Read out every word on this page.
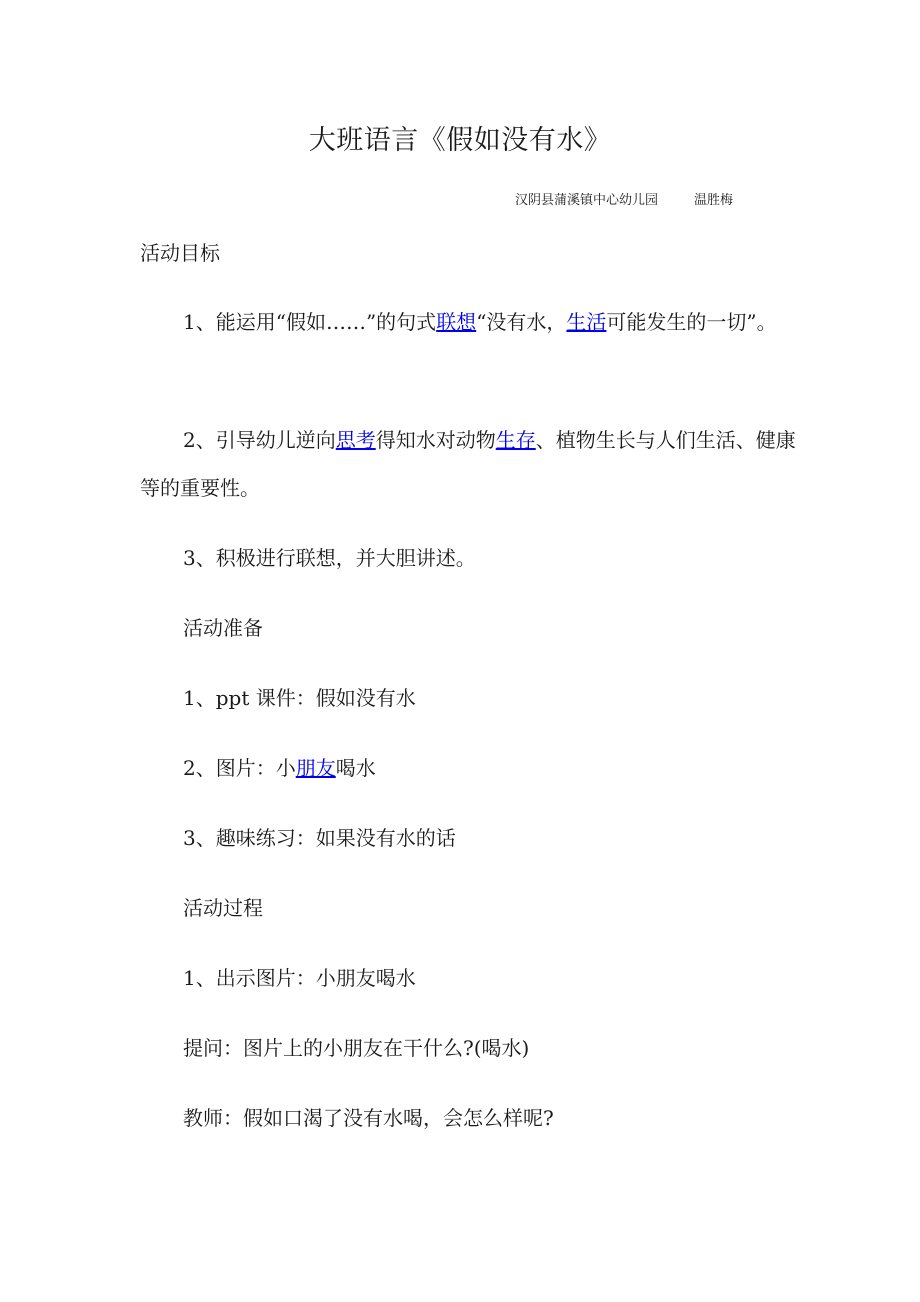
大班语言《假如没有水》
汉阴县蒲溪镇中心幼儿园	温胜梅
活动目标
1、能运用“假如……”的句式联想“没有水，生活可能发生的一切”。
2、引导幼儿逆向思考得知水对动物生存、植物生长与人们生活、健康等的重要性。
3、积极进行联想，并大胆讲述。
活动准备
1、ppt 课件：假如没有水
2、图片：小朋友喝水
3、趣味练习：如果没有水的话
活动过程
1、出示图片：小朋友喝水
提问：图片上的小朋友在干什么?(喝水)
教师：假如口渴了没有水喝，会怎么样呢?
